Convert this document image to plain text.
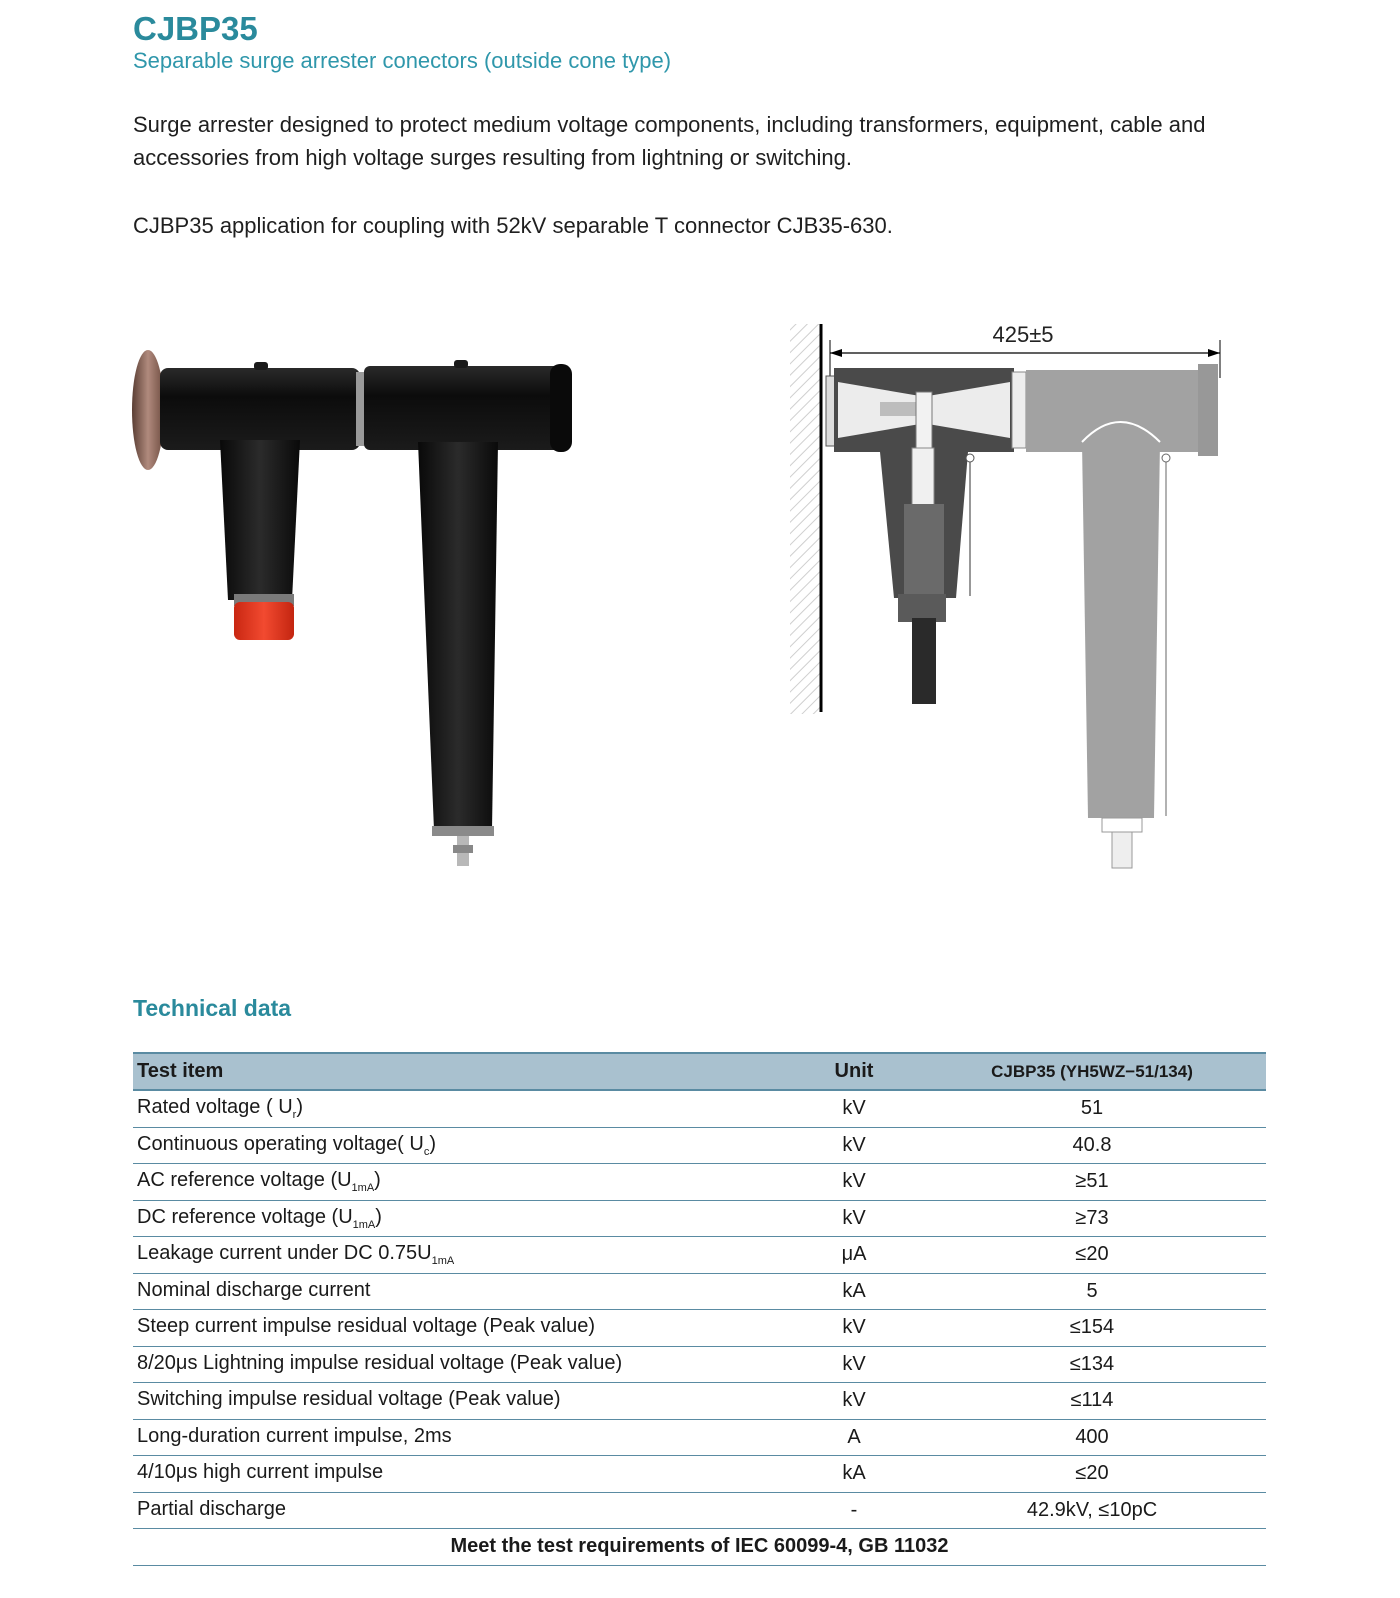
CJBP35
Separable surge arrester conectors (outside cone type)

Surge arrester designed to protect medium voltage components, including transformers, equipment, cable and accessories from high voltage surges resulting from lightning or switching.

CJBP35 application for coupling with 52kV separable T connector CJB35-630.

425±5
Technical data
Test item	Unit	CJBP35 (YH5WZ−51/134)
Rated voltage ( $U_r$)	kV	51
Continuous operating voltage( $U_c$)	kV	40.8
AC reference voltage $(U_{1mA})$	kV	≥51
DC reference voltage $(U_{1mA})$	kV	≥73
Leakage current under DC $0.75U_{1mA}$	μA	≤20
Nominal discharge current	kA	5
Steep current impulse residual voltage (Peak value)	kV	≤154
8/20μs Lightning impulse residual voltage (Peak value)	kV	≤134
Switching impulse residual voltage (Peak value)	kV	≤114
Long-duration current impulse, 2ms	A	400
4/10μs high current impulse	kA	≤20
Partial discharge	-	42.9kV, ≤10pC
Meet the test requirements of IEC 60099-4, GB 11032		
